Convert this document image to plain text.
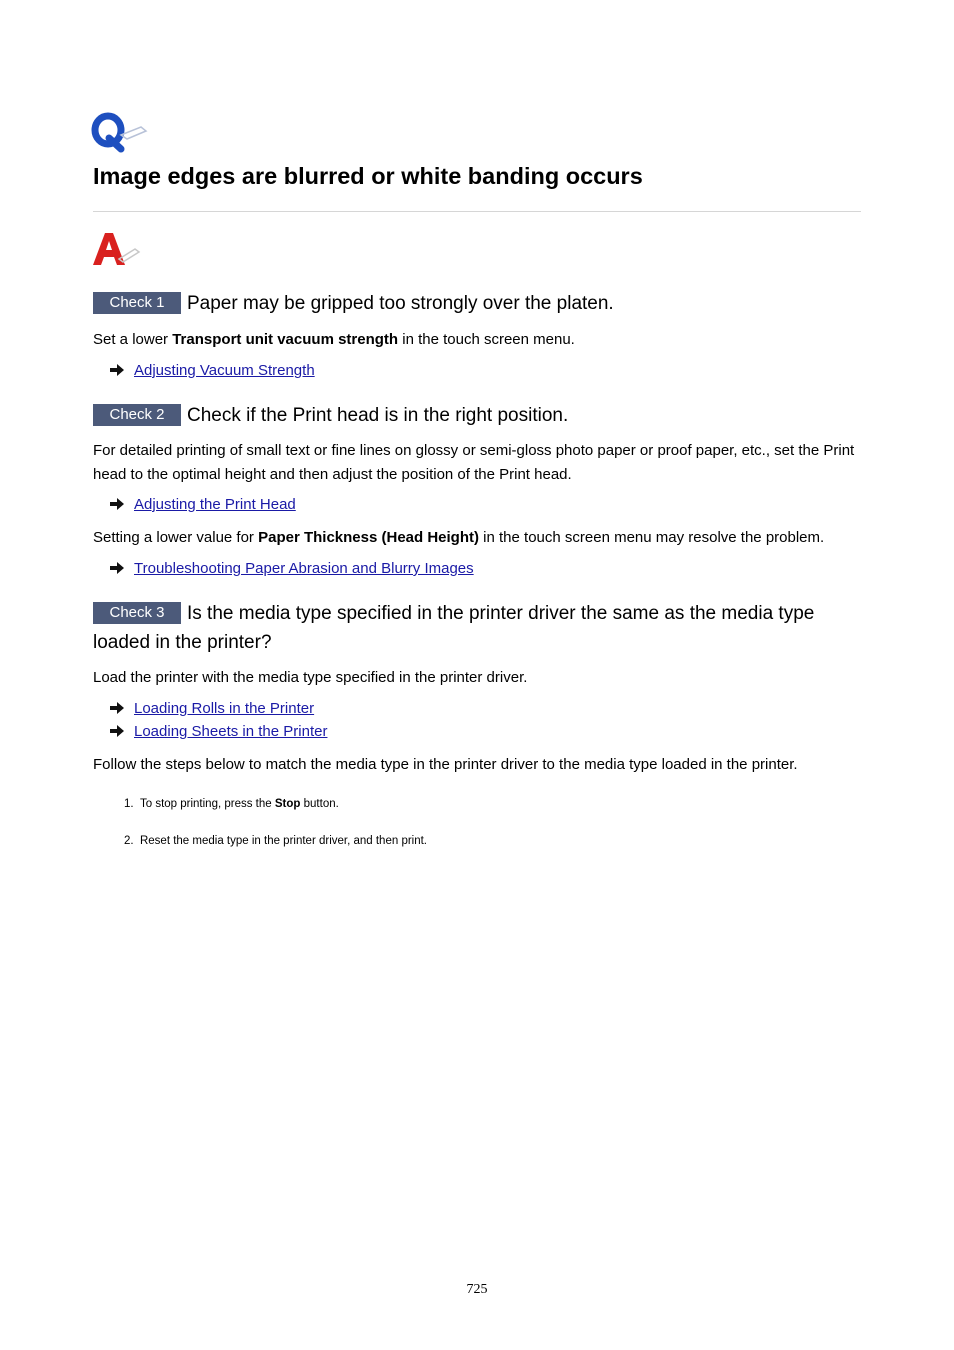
Image edges are blurred or white banding occurs
Check 1 Paper may be gripped too strongly over the platen.

Set a lower Transport unit vacuum strength in the touch screen menu.

Adjusting Vacuum Strength
Check 2 Check if the Print head is in the right position.

For detailed printing of small text or fine lines on glossy or semi-gloss photo paper or proof paper, etc., set the Print head to the optimal height and then adjust the position of the Print head.

Adjusting the Print Head

Setting a lower value for Paper Thickness (Head Height) in the touch screen menu may resolve the problem.

Troubleshooting Paper Abrasion and Blurry Images
Check 3 Is the media type specified in the printer driver the same as the media type loaded in the printer?

Load the printer with the media type specified in the printer driver.

Loading Rolls in the Printer
Loading Sheets in the Printer

Follow the steps below to match the media type in the printer driver to the media type loaded in the printer.

1. To stop printing, press the Stop button.
2. Reset the media type in the printer driver, and then print.
725
